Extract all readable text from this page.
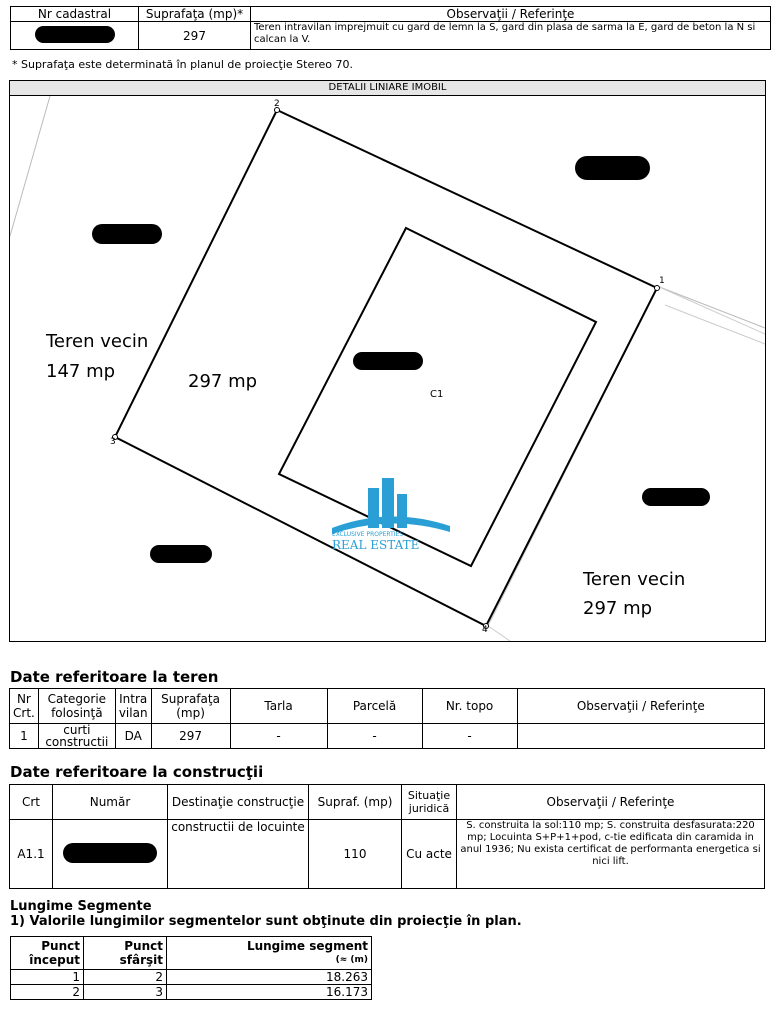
Nr cadastral	Suprafaţa (mp)*	Observaţii / Referinţe
	297	Teren intravilan imprejmuit cu gard de lemn la S, gard din plasa de sarma la E, gard de beton la N si calcan la V.
* Suprafaţa este determinată în planul de proiecţie Stereo 70.
DETALII LINIARE IMOBIL
1
2
3
4
Teren vecin
147 mp	297 mp
C1
Teren vecin
297 mp
EXCLUSIVE PROPERTIES
REAL ESTATE
Date referitoare la teren
Nr Crt.	Categorie folosinţă	Intra vilan	Suprafaţa (mp)	Tarla	Parcelă	Nr. topo	Observaţii / Referinţe
1	curti constructii	DA	297	-	-	-	
Date referitoare la construcţii
Crt	Număr	Destinaţie construcţie	Supraf. (mp)	Situaţie juridică	Observaţii / Referinţe
A1.1		constructii de locuinte	110	Cu acte	S. construita la sol:110 mp; S. construita desfasurata:220 mp; Locuinta S+P+1+pod, c-tie edificata din caramida in anul 1936; Nu exista certificat de performanta energetica si nici lift.
Lungime Segmente
1) Valorile lungimilor segmentelor sunt obţinute din proiecţie în plan.
Punct început	Punct sfârşit	Lungime segment
(≈ (m)

1	2	18.263
2	3	16.173
